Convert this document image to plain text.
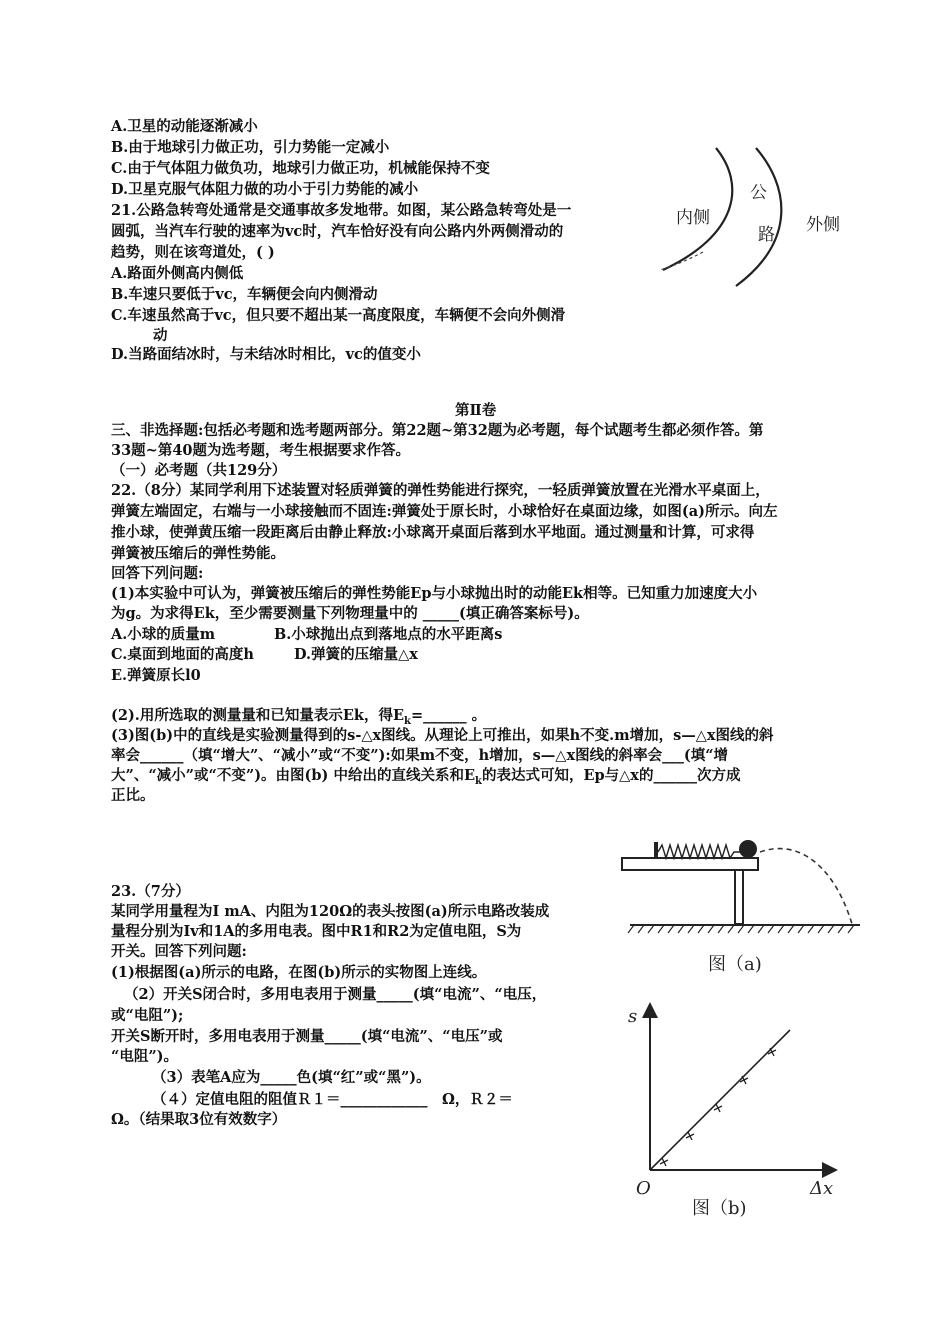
A.卫星的动能逐渐减小
B.由于地球引力做正功，引力势能一定减小
C.由于气体阻力做负功，地球引力做正功，机械能保持不变
D.卫星克服气体阻力做的功小于引力势能的减小
21.公路急转弯处通常是交通事故多发地带。如图，某公路急转弯处是一
圆弧，当汽车行驶的速率为vc时，汽车恰好没有向公路内外两侧滑动的
趋势，则在该弯道处，( )
A.路面外侧高内侧低
B.车速只要低于vc，车辆便会向内侧滑动
C.车速虽然高于vc，但只要不超出某一高度限度，车辆便不会向外侧滑
动
D.当路面结冰时，与未结冰时相比，vc的值变小
内侧
公
路 外侧
第Ⅱ卷
三、非选择题:包括必考题和选考题两部分。第22题~第32题为必考题，每个试题考生都必须作答。第
33题~第40题为选考题，考生根据要求作答。
（一）必考题（共129分）
22.（8分）某同学利用下述装置对轻质弹簧的弹性势能进行探究，一轻质弹簧放置在光滑水平桌面上，
弹簧左端固定，右端与一小球接触而不固连:弹簧处于原长时，小球恰好在桌面边缘，如图(a)所示。向左
推小球，使弹黄压缩一段距离后由静止释放:小球离开桌面后落到水平地面。通过测量和计算，可求得
弹簧被压缩后的弹性势能。
回答下列问题:
(1)本实验中可认为，弹簧被压缩后的弹性势能Ep与小球抛出时的动能Ek相等。已知重力加速度大小
为g。为求得Ek，至少需要测量下列物理量中的 _____(填正确答案标号)。
A.小球的质量m	B.小球抛出点到落地点的水平距离s
C.桌面到地面的高度h	D.弹簧的压缩量△x
E.弹簧原长l0
(2).用所选取的测量量和已知量表示Ek，得$E_k=\_\_\_\_\_\_$ 。
(3)图(b)中的直线是实验测量得到的s-△x图线。从理论上可推出，如果h不变.m增加，s—△x图线的斜
率会______（填“增大”、“减小”或“不变”):如果m不变，h增加，s—△x图线的斜率会___(填“增
大”、“减小”或“不变”)。由图(b) 中给出的直线关系和$E_k$的表达式可知，Ep与△x的______次方成
正比。
23.（7分）
某同学用量程为I mA、内阻为120Ω的表头按图(a)所示电路改装成
量程分别为Iv和1A的多用电表。图中R1和R2为定值电阻，S为
开关。回答下列问题:
(1)根据图(a)所示的电路，在图(b)所示的实物图上连线。
（2）开关S闭合时，多用电表用于测量_____(填“电流”、“电压，
或“电阻”);
开关S断开时，多用电表用于测量_____(填“电流”、“电压”或
“电阻”)。
（3）表笔A应为_____色(填“红”或“黑”)。
（４）定值电阻的阻值Ｒ１＝____________　Ω，Ｒ２＝
Ω。（结果取3位有效数字）
图（a)
s
O	Δx
图（b)
